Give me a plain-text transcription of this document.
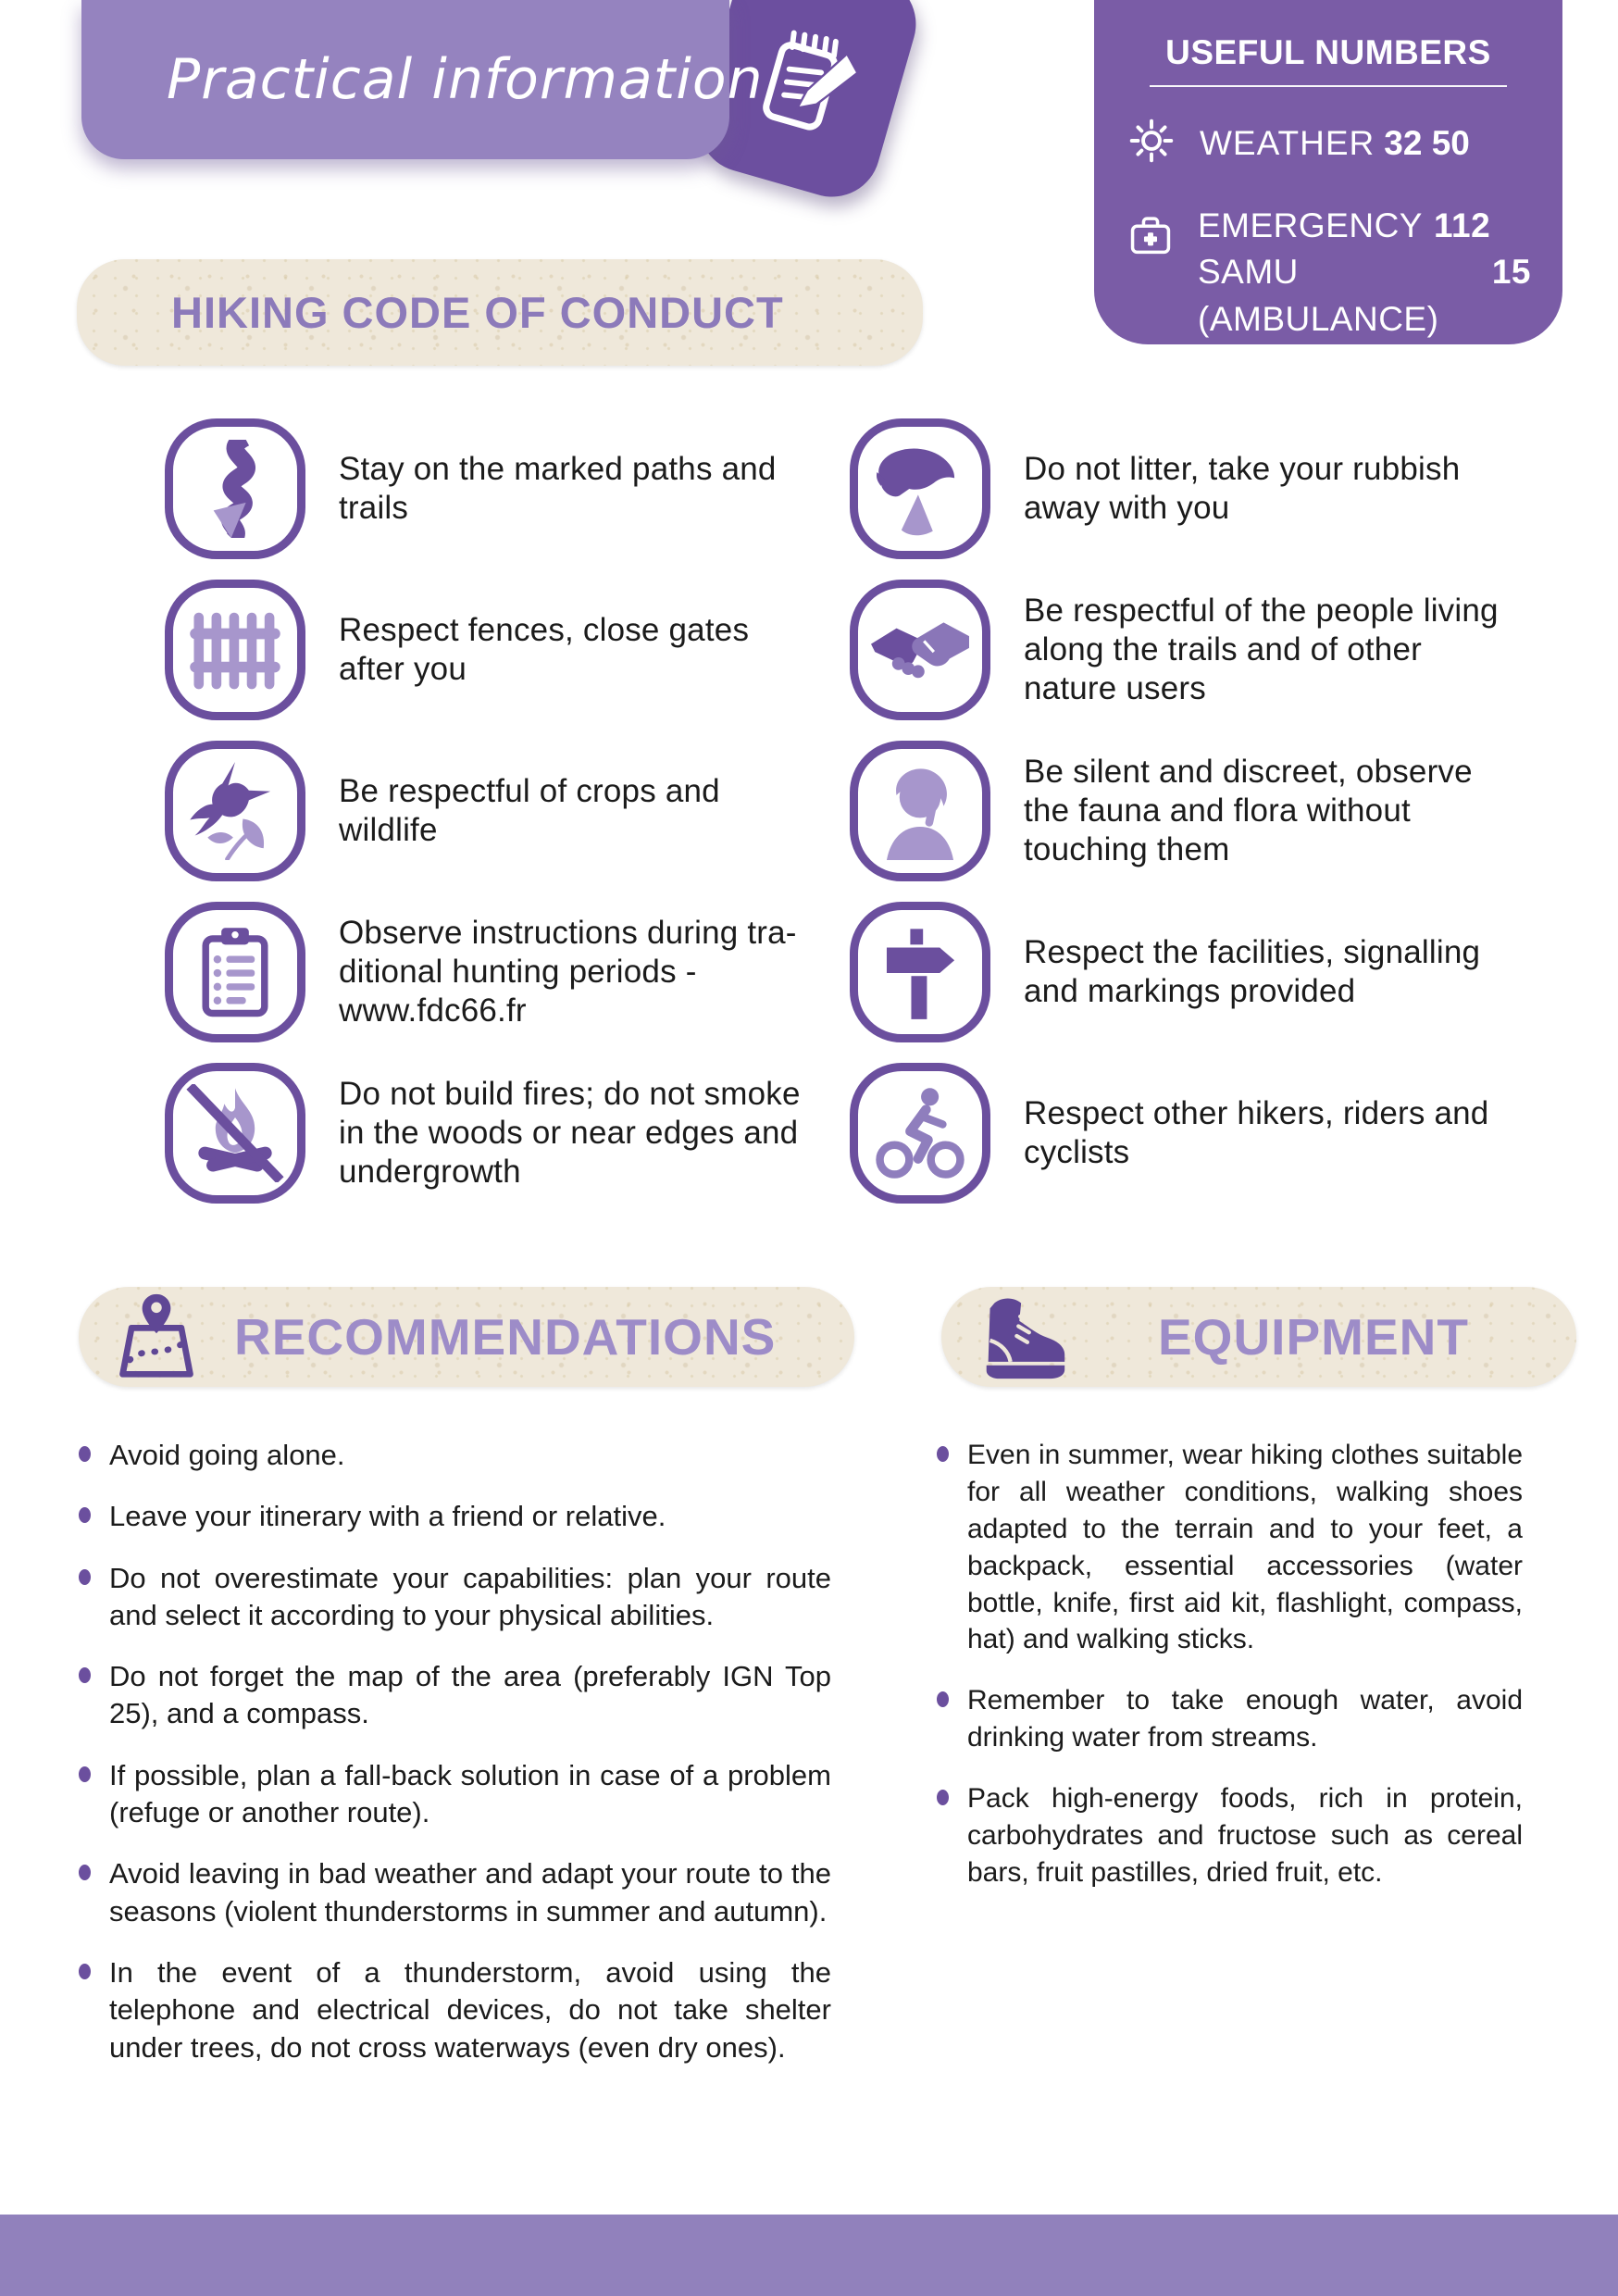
Practical information	USEFUL NUMBERS
WEATHER 32 50
EMERGENCY 112
SAMU (AMBULANCE)
15
FIREFIGHTERS 18
HIKING CODE OF CONDUCT
Stay on the marked paths and trails
Respect fences, close gates after you
Be respectful of crops and wildlife
Observe instructions during tra-ditional hunting periods - www.fdc66.fr
Do not build fires; do not smoke in the woods or near edges and undergrowth
Do not litter, take your rubbish away with you
Be respectful of the people living along the trails and of other nature users
Be silent and discreet, observe the fauna and flora without touching them
Respect the facilities, signalling and markings provided
Respect other hikers, riders and cyclists
RECOMMENDATIONS	EQUIPMENT

Avoid going alone.

Leave your itinerary with a friend or relative.

Do not overestimate your capabilities: plan your route and select it according to your physical abilities.

Do not forget the map of the area (preferably IGN Top 25), and a compass.

If possible, plan a fall-back solution in case of a problem (refuge or another route).

Avoid leaving in bad weather and adapt your route to the seasons (violent thunderstorms in summer and autumn).

In the event of a thunderstorm, avoid using the telephone and electrical devices, do not take shelter under trees, do not cross waterways (even dry ones).

Even in summer, wear hiking clothes suitable for all weather conditions, walking shoes adapted to the terrain and to your feet, a backpack, essential accessories (water bottle, knife, first aid kit, flashlight, compass, hat) and walking sticks.

Remember to take enough water, avoid drinking water from streams.

Pack high-energy foods, rich in protein, carbohydrates and fructose such as cereal bars, fruit pastilles, dried fruit, etc.
